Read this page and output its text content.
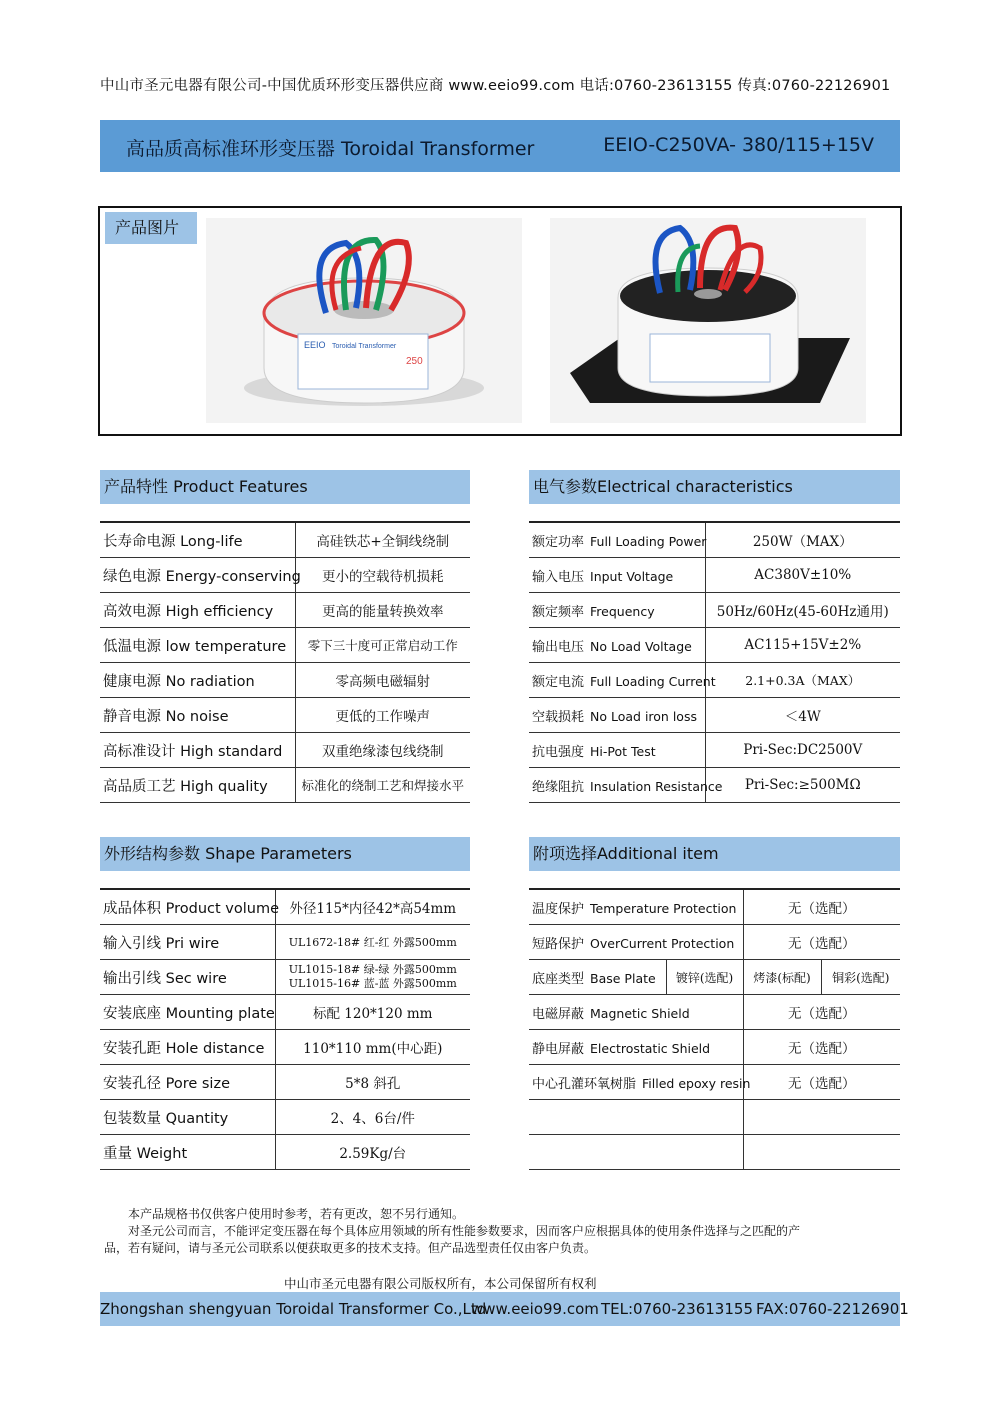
中山市圣元电器有限公司-中国优质环形变压器供应商 www.eeio99.com 电话:0760-23613155 传真:0760-22126901
高品质高标准环形变压器 Toroidal Transformer	EEIO-C250VA- 380/115+15V
产品图片
EEIO Toroidal Transformer
250
产品特性 Product Features
长寿命电源 Long-life	高硅铁芯+全铜线绕制
绿色电源 Energy-conserving	更小的空载待机损耗
高效电源 High efficiency	更高的能量转换效率
低温电源 low temperature	零下三十度可正常启动工作
健康电源 No radiation	零高频电磁辐射
静音电源 No noise	更低的工作噪声
高标准设计 High standard	双重绝缘漆包线绕制
高品质工艺 High quality	标准化的绕制工艺和焊接水平
电气参数Electrical characteristics
额定功率 Full Loading Power	250W（MAX）
输入电压 Input Voltage	AC380V±10%
额定频率 Frequency	50Hz/60Hz(45-60Hz通用)
输出电压 No Load Voltage	AC115+15V±2%
额定电流 Full Loading Current	2.1+0.3A（MAX）
空载损耗 No Load iron loss	＜4W
抗电强度 Hi-Pot Test	Pri-Sec:DC2500V
绝缘阻抗 Insulation Resistance	Pri-Sec:≥500MΩ
外形结构参数 Shape Parameters
成品体积 Product volume	外径115*内径42*高54mm
输入引线 Pri wire	UL1672-18# 红-红 外露500mm
输出引线 Sec wire	UL1015-18# 绿-绿 外露500mm
UL1015-16# 蓝-蓝 外露500mm

安装底座 Mounting plate	标配 120*120 mm
安装孔距 Hole distance	110*110 mm(中心距)
安装孔径 Pore size	5*8 斜孔
包装数量 Quantity	2、4、6台/件
重量 Weight	2.59Kg/台
附项选择Additional item
温度保护 Temperature Protection		无（选配）	
短路保护 OverCurrent Protection		无（选配）	
底座类型 Base Plate	镀锌(选配)	烤漆(标配)	铜彩(选配)
电磁屏蔽 Magnetic Shield		无（选配）	
静电屏蔽 Electrostatic Shield		无（选配）	
中心孔灌环氧树脂 Filled epoxy resin		无（选配）	

本产品规格书仅供客户使用时参考，若有更改，恕不另行通知。
对圣元公司而言，不能评定变压器在每个具体应用领域的所有性能参数要求，因而客户应根据具体的使用条件选择与之匹配的产
品，若有疑问，请与圣元公司联系以便获取更多的技术支持。但产品选型责任仅由客户负责。
中山市圣元电器有限公司版权所有，本公司保留所有权利
Zhongshan shengyuan Toroidal Transformer Co.,Ltd
www.eeio99.com TEL:0760-23613155 FAX:0760-22126901
